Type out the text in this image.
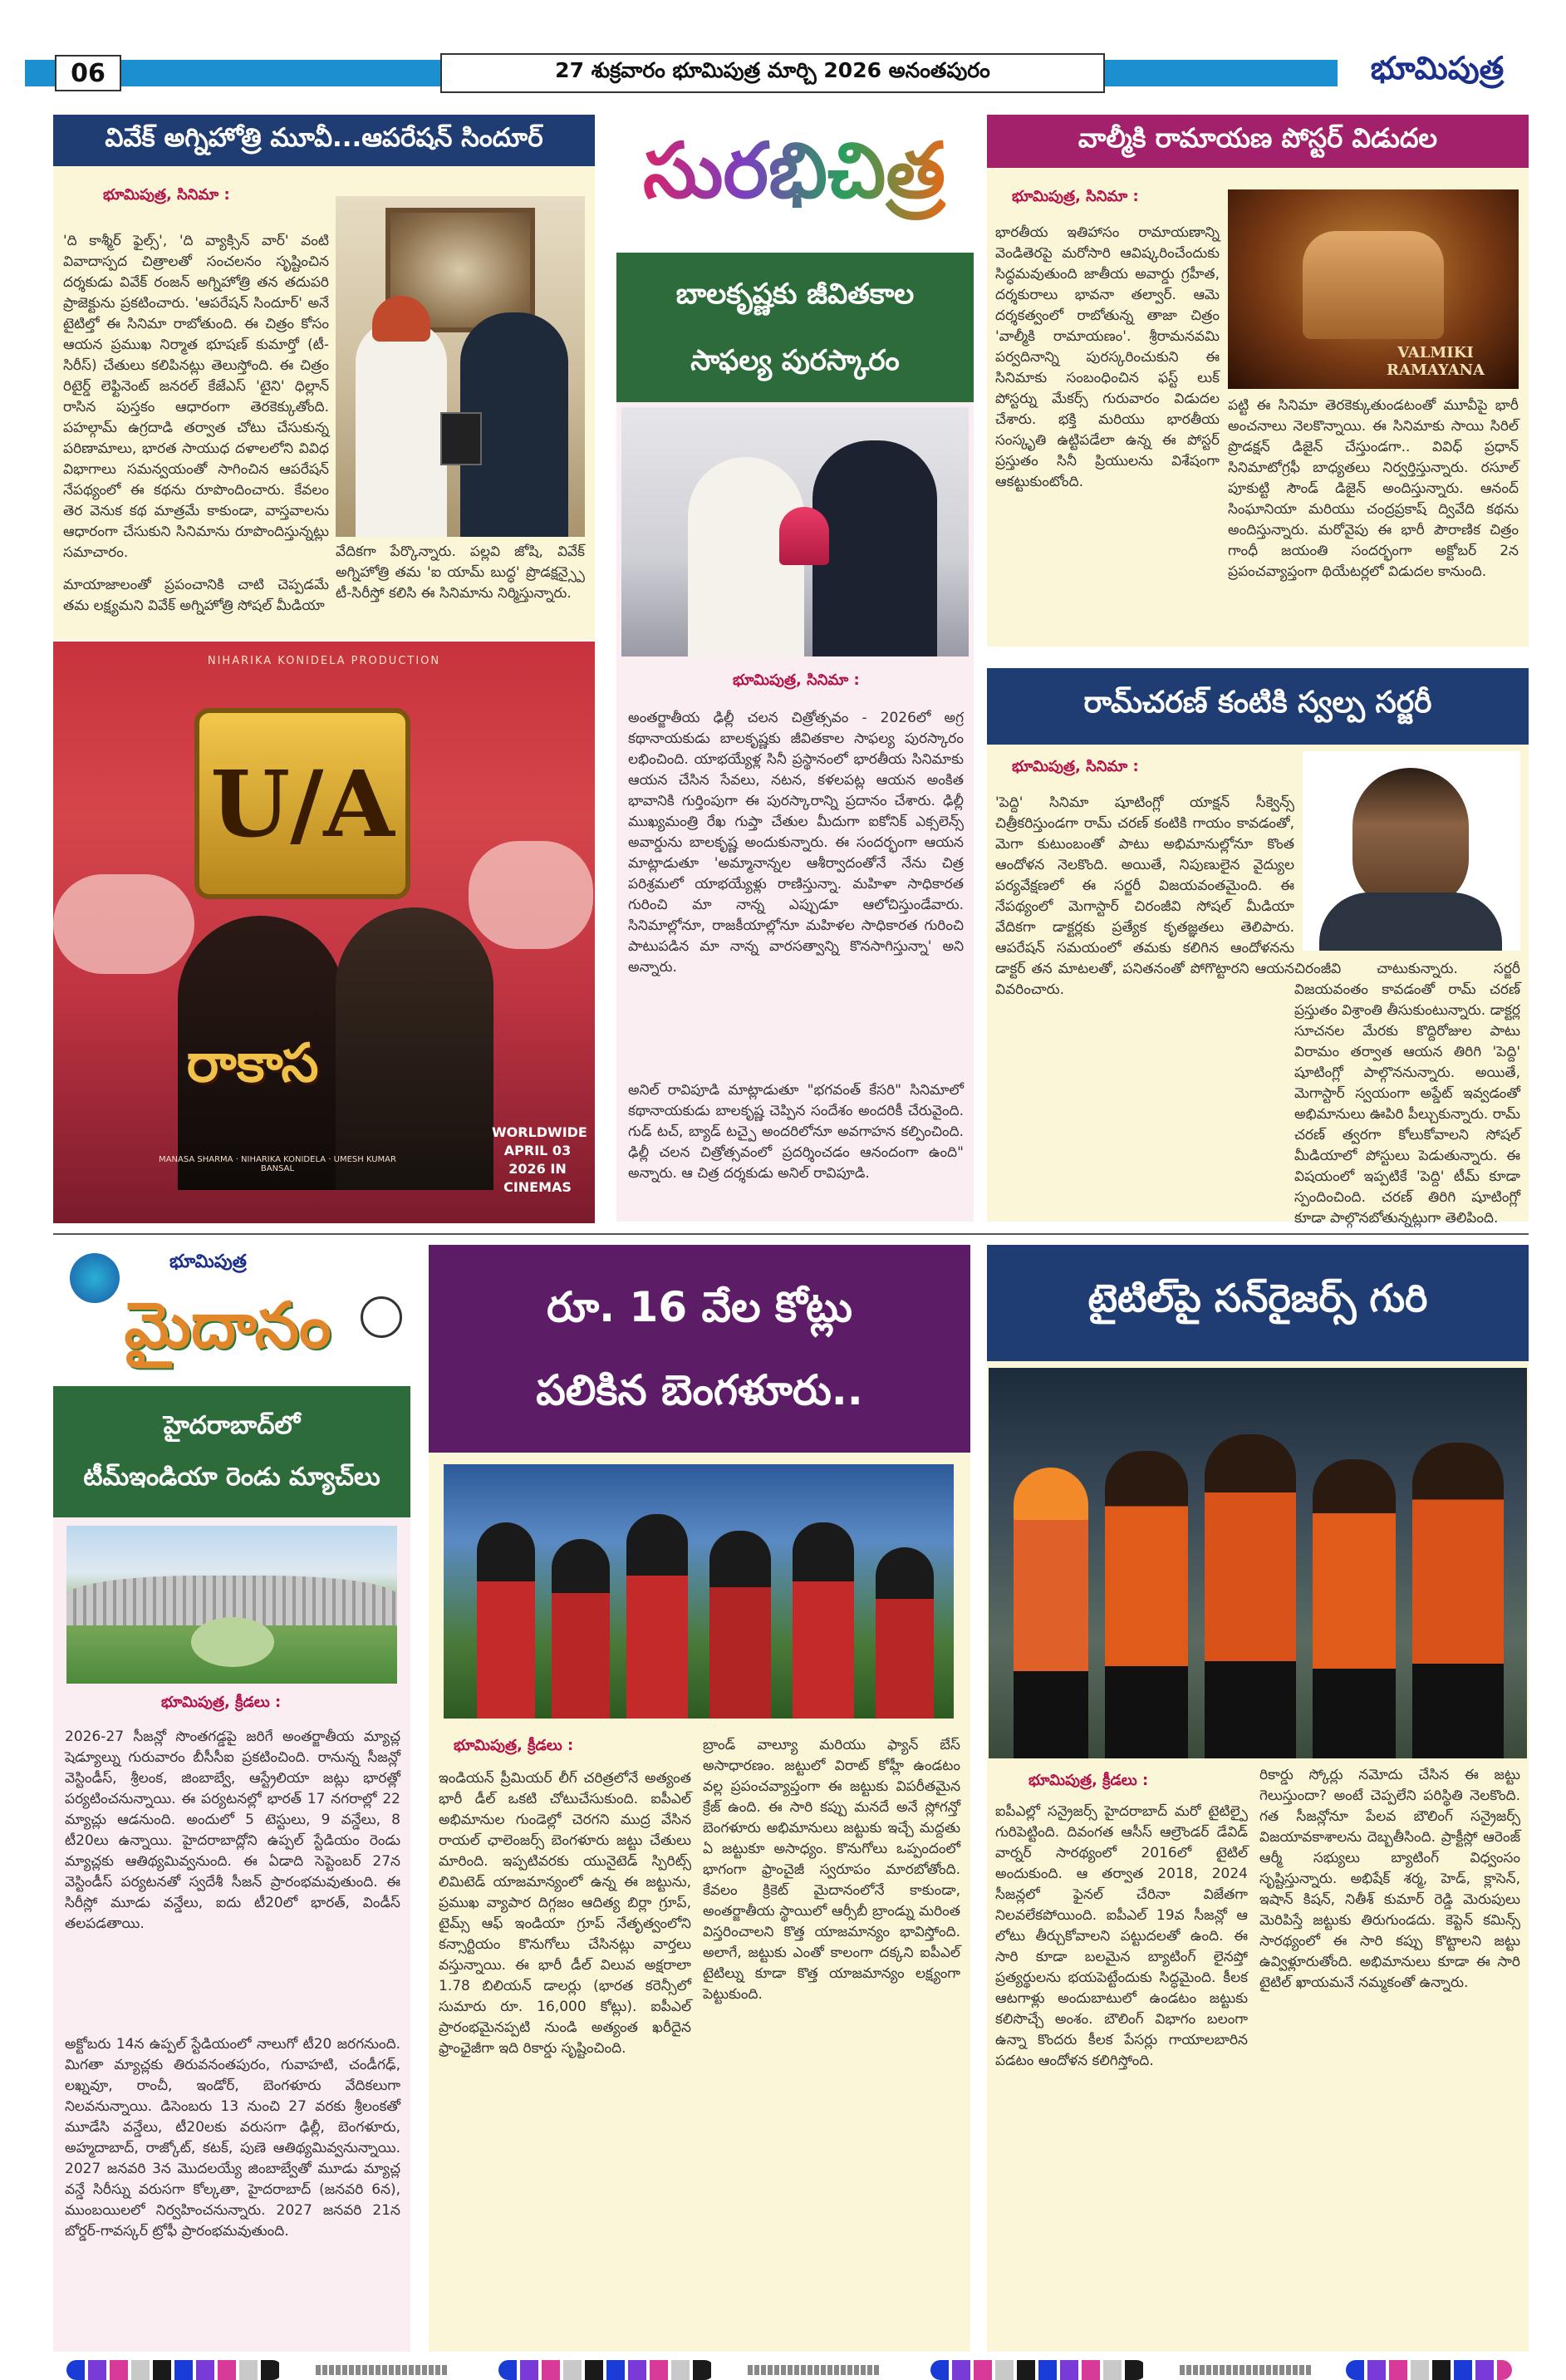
06	27 శుక్రవారం భూమిపుత్ర మార్చి 2026 అనంతపురం	భూమిపుత్ర
వివేక్ అగ్నిహోత్రి మూవీ...ఆపరేషన్ సిందూర్
భూమిపుత్ర, సినిమా :
'ది కాశ్మీర్ ఫైల్స్', 'ది వ్యాక్సిన్ వార్' వంటి వివాదాస్పద చిత్రాలతో సంచలనం సృష్టించిన దర్శకుడు వివేక్ రంజన్ అగ్నిహోత్రి తన తదుపరి ప్రాజెక్టును ప్రకటించారు. 'ఆపరేషన్ సిందూర్' అనే టైటిల్తో ఈ సినిమా రాబోతుంది. ఈ చిత్రం కోసం ఆయన ప్రముఖ నిర్మాత భూషణ్ కుమార్తో (టీ-సిరీస్) చేతులు కలిపినట్లు తెలుస్తోంది. ఈ చిత్రం రిటైర్డ్ లెఫ్టినెంట్ జనరల్ కేజేఎస్ 'టైని' ధిల్లాన్ రాసిన పుస్తకం ఆధారంగా తెరకెక్కుతోంది. పహల్గామ్ ఉగ్రదాడి తర్వాత చోటు చేసుకున్న పరిణామాలు, భారత సాయుధ దళాలలోని వివిధ విభాగాలు సమన్వయంతో సాగించిన ఆపరేషన్ నేపథ్యంలో ఈ కథను రూపొందించారు. కేవలం తెర వెనుక కథ మాత్రమే కాకుండా, వాస్తవాలను ఆధారంగా చేసుకుని సినిమాను రూపొందిస్తున్నట్లు సమాచారం.	వేదికగా పేర్కొన్నారు. పల్లవి జోషి, వివేక్ అగ్నిహోత్రి తమ 'ఐ యామ్ బుద్ధ' ప్రొడక్షన్స్పై టీ-సిరీస్తో కలిసి ఈ సినిమాను నిర్మిస్తున్నారు.
మాయాజాలంతో ప్రపంచానికి చాటి చెప్పడమే తమ లక్ష్యమని వివేక్ అగ్నిహోత్రి సోషల్ మీడియా
NIHARIKA KONIDELA PRODUCTION
U/A
రాకాస
MANASA SHARMA · NIHARIKA KONIDELA · UMESH KUMAR BANSAL
WORLDWIDE APRIL 03 2026 IN CINEMAS
సురభిచిత్ర
బాలకృష్ణకు జీవితకాల
సాఫల్య పురస్కారం
భూమిపుత్ర, సినిమా :
అంతర్జాతీయ ఢిల్లీ చలన చిత్రోత్సవం - 2026లో అగ్ర కథానాయకుడు బాలకృష్ణకు జీవితకాల సాఫల్య పురస్కారం లభించింది. యాభయ్యేళ్ల సినీ ప్రస్థానంలో భారతీయ సినిమాకు ఆయన చేసిన సేవలు, నటన, కళలపట్ల ఆయన అంకిత భావానికి గుర్తింపుగా ఈ పురస్కారాన్ని ప్రదానం చేశారు. ఢిల్లీ ముఖ్యమంత్రి రేఖ గుప్తా చేతుల మీదుగా ఐకోనిక్ ఎక్సలెన్స్ అవార్డును బాలకృష్ణ అందుకున్నారు. ఈ సందర్భంగా ఆయన మాట్లాడుతూ 'అమ్మానాన్నల ఆశీర్వాదంతోనే నేను చిత్ర పరిశ్రమలో యాభయ్యేళ్లు రాణిస్తున్నా. మహిళా సాధికారత గురించి మా నాన్న ఎప్పుడూ ఆలోచిస్తుండేవారు. సినిమాల్లోనూ, రాజకీయాల్లోనూ మహిళల సాధికారత గురించి పాటుపడిన మా నాన్న వారసత్వాన్ని కొనసాగిస్తున్నా' అని అన్నారు.
అనిల్ రావిపూడి మాట్లాడుతూ "భగవంత్ కేసరి" సినిమాలో కథానాయకుడు బాలకృష్ణ చెప్పిన సందేశం అందరికీ చేరువైంది. గుడ్ టచ్, బ్యాడ్ టచ్పై అందరిలోనూ అవగాహన కల్పించింది. ఢిల్లీ చలన చిత్రోత్సవంలో ప్రదర్శించడం ఆనందంగా ఉంది" అన్నారు. ఆ చిత్ర దర్శకుడు అనిల్ రావిపూడి.
వాల్మీకి రామాయణ పోస్టర్ విడుదల
భూమిపుత్ర, సినిమా :
భారతీయ ఇతిహాసం రామాయణాన్ని వెండితెరపై మరోసారి ఆవిష్కరించేందుకు సిద్ధమవుతుంది జాతీయ అవార్డు గ్రహీత, దర్శకురాలు భావనా తల్వార్. ఆమె దర్శకత్వంలో రాబోతున్న తాజా చిత్రం 'వాల్మీకి రామాయణం'. శ్రీరామనవమి పర్వదినాన్ని పురస్కరించుకుని ఈ సినిమాకు సంబంధించిన ఫస్ట్ లుక్ పోస్టర్ను మేకర్స్ గురువారం విడుదల చేశారు. భక్తి మరియు భారతీయ సంస్కృతి ఉట్టిపడేలా ఉన్న ఈ పోస్టర్ ప్రస్తుతం సినీ ప్రియులను విశేషంగా ఆకట్టుకుంటోంది.
VALMIKI RAMAYANA
పట్టి ఈ సినిమా తెరకెక్కుతుండటంతో మూవీపై భారీ అంచనాలు నెలకొన్నాయి. ఈ సినిమాకు సాయి సిరిల్ ప్రొడక్షన్ డిజైన్ చేస్తుండగా.. వివిధ్ ప్రధాన్ సినిమాటోగ్రఫీ బాధ్యతలు నిర్వర్తిస్తున్నారు. రసూల్ పూకుట్టి సౌండ్ డిజైన్ అందిస్తున్నారు. ఆనంద్ సింఘానియా మరియు చంద్రప్రకాష్ ద్వివేది కథను అందిస్తున్నారు. మరోవైపు ఈ భారీ పౌరాణిక చిత్రం గాంధీ జయంతి సందర్భంగా అక్టోబర్ 2న ప్రపంచవ్యాప్తంగా థియేటర్లలో విడుదల కానుంది.
రామ్‌చరణ్ కంటికి స్వల్ప సర్జరీ
భూమిపుత్ర, సినిమా :
'పెద్ది' సినిమా షూటింగ్లో యాక్షన్ సీక్వెన్స్ చిత్రీకరిస్తుండగా రామ్ చరణ్ కంటికి గాయం కావడంతో, మెగా కుటుంబంతో పాటు అభిమానుల్లోనూ కొంత ఆందోళన నెలకొంది. అయితే, నిపుణులైన వైద్యుల పర్యవేక్షణలో ఈ సర్జరీ విజయవంతమైంది. ఈ నేపథ్యంలో మెగాస్టార్ చిరంజీవి సోషల్ మీడియా వేదికగా డాక్టర్లకు ప్రత్యేక కృతజ్ఞతలు తెలిపారు. ఆపరేషన్ సమయంలో తమకు కలిగిన ఆందోళనను డాక్టర్ తన మాటలతో, పనితనంతో పోగొట్టారని ఆయన వివరించారు.
చిరంజీవి చాటుకున్నారు. సర్జరీ విజయవంతం కావడంతో రామ్ చరణ్ ప్రస్తుతం విశ్రాంతి తీసుకుంటున్నారు. డాక్టర్ల సూచనల మేరకు కొద్దిరోజుల పాటు విరామం తర్వాత ఆయన తిరిగి 'పెద్ది' షూటింగ్లో పాల్గొననున్నారు. అయితే, మెగాస్టార్ స్వయంగా అప్డేట్ ఇవ్వడంతో అభిమానులు ఊపిరి పీల్చుకున్నారు. రామ్ చరణ్ త్వరగా కోలుకోవాలని సోషల్ మీడియాలో పోస్టులు పెడుతున్నారు. ఈ విషయంలో ఇప్పటికే 'పెద్ది' టీమ్ కూడా స్పందించింది. చరణ్ తిరిగి షూటింగ్లో కూడా పాల్గొనబోతున్నట్లుగా తెలిపింది.
భూమిపుత్ర
మైదానం
హైదరాబాద్‌లో
టీమ్‌ఇండియా రెండు మ్యాచ్‌లు
భూమిపుత్ర, క్రీడలు :
2026-27 సీజన్లో సొంతగడ్డపై జరిగే అంతర్జాతీయ మ్యాచ్ల షెడ్యూల్ను గురువారం బీసీసీఐ ప్రకటించింది. రానున్న సీజన్లో వెస్టిండీస్, శ్రీలంక, జింబాబ్వే, ఆస్ట్రేలియా జట్లు భారత్లో పర్యటించనున్నాయి. ఈ పర్యటనల్లో భారత్ 17 నగరాల్లో 22 మ్యాచ్లు ఆడనుంది. అందులో 5 టెస్టులు, 9 వన్డేలు, 8 టీ20లు ఉన్నాయి. హైదరాబాద్లోని ఉప్పల్ స్టేడియం రెండు మ్యాచ్లకు ఆతిథ్యమివ్వనుంది. ఈ ఏడాది సెప్టెంబర్ 27న వెస్టిండీస్ పర్యటనతో స్వదేశీ సీజన్ ప్రారంభమవుతుంది. ఈ సిరీస్లో మూడు వన్డేలు, ఐదు టీ20లో భారత్, విండీస్ తలపడతాయి.
అక్టోబరు 14న ఉప్పల్ స్టేడియంలో నాలుగో టీ20 జరగనుంది. మిగతా మ్యాచ్లకు తిరువనంతపురం, గువాహటి, చండీగఢ్, లఖ్నవూ, రాంచీ, ఇండోర్, బెంగళూరు వేదికలుగా నిలవనున్నాయి. డిసెంబరు 13 నుంచి 27 వరకు శ్రీలంకతో మూడేసి వన్డేలు, టీ20లకు వరుసగా ఢిల్లీ, బెంగళూరు, అహ్మదాబాద్, రాజ్కోట్, కటక్, పుణె ఆతిథ్యమివ్వనున్నాయి. 2027 జనవరి 3న మొదలయ్యే జింబాబ్వేతో మూడు మ్యాచ్ల వన్డే సిరీస్ను వరుసగా కోల్కతా, హైదరాబాద్ (జనవరి 6న), ముంబయిలలో నిర్వహించనున్నారు. 2027 జనవరి 21న బోర్డర్-గావస్కర్ ట్రోఫీ ప్రారంభమవుతుంది.
రూ. 16 వేల కోట్లు
పలికిన బెంగళూరు..
భూమిపుత్ర, క్రీడలు :
ఇండియన్ ప్రీమియర్ లీగ్ చరిత్రలోనే అత్యంత భారీ డీల్ ఒకటి చోటుచేసుకుంది. ఐపీఎల్ అభిమానుల గుండెల్లో చెరగని ముద్ర వేసిన రాయల్ ఛాలెంజర్స్ బెంగళూరు జట్టు చేతులు మారింది. ఇప్పటివరకు యునైటెడ్ స్పిరిట్స్ లిమిటెడ్ యాజమాన్యంలో ఉన్న ఈ జట్టును, ప్రముఖ వ్యాపార దిగ్గజం ఆదిత్య బిర్లా గ్రూప్, టైమ్స్ ఆఫ్ ఇండియా గ్రూప్ నేతృత్వంలోని కన్సార్టియం కొనుగోలు చేసినట్లు వార్తలు వస్తున్నాయి. ఈ భారీ డీల్ విలువ అక్షరాలా 1.78 బిలియన్ డాలర్లు (భారత కరెన్సీలో సుమారు రూ. 16,000 కోట్లు). ఐపీఎల్ ప్రారంభమైనప్పటి నుండి అత్యంత ఖరీదైన ఫ్రాంఛైజీగా ఇది రికార్డు సృష్టించింది.
బ్రాండ్ వాల్యూ మరియు ఫ్యాన్ బేస్ అసాధారణం. జట్టులో విరాట్ కోహ్లీ ఉండటం వల్ల ప్రపంచవ్యాప్తంగా ఈ జట్టుకు విపరీతమైన క్రేజ్ ఉంది. ఈ సారి కప్పు మనదే అనే స్లోగన్తో బెంగళూరు అభిమానులు జట్టుకు ఇచ్చే మద్దతు ఏ జట్టుకూ అసాధ్యం. కొనుగోలు ఒప్పందంలో భాగంగా ఫ్రాంచైజీ స్వరూపం మారబోతోంది. కేవలం క్రికెట్ మైదానంలోనే కాకుండా, అంతర్జాతీయ స్థాయిలో ఆర్సీబీ బ్రాండ్ను మరింత విస్తరించాలని కొత్త యాజమాన్యం భావిస్తోంది. అలాగే, జట్టుకు ఎంతో కాలంగా దక్కని ఐపీఎల్ టైటిల్ను కూడా కొత్త యాజమాన్యం లక్ష్యంగా పెట్టుకుంది.
టైటిల్‌పై సన్‌రైజర్స్ గురి
భూమిపుత్ర, క్రీడలు :
ఐపీఎల్లో సన్రైజర్స్ హైదరాబాద్ మరో టైటిల్పై గురిపెట్టింది. దివంగత ఆసీస్ ఆల్రౌండర్ డేవిడ్ వార్నర్ సారథ్యంలో 2016లో టైటిల్ అందుకుంది. ఆ తర్వాత 2018, 2024 సీజన్లలో ఫైనల్ చేరినా విజేతగా నిలవలేకపోయింది. ఐపీఎల్ 19వ సీజన్లో ఆ లోటు తీర్చుకోవాలని పట్టుదలతో ఉంది. ఈ సారి కూడా బలమైన బ్యాటింగ్ లైనప్తో ప్రత్యర్థులను భయపెట్టేందుకు సిద్ధమైంది. కీలక ఆటగాళ్లు అందుబాటులో ఉండటం జట్టుకు కలిసొచ్చే అంశం. బౌలింగ్ విభాగం బలంగా ఉన్నా కొందరు కీలక పేసర్లు గాయాలబారిన పడటం ఆందోళన కలిగిస్తోంది.
రికార్డు స్కోర్లు నమోదు చేసిన ఈ జట్టు గెలుస్తుందా? అంటే చెప్పలేని పరిస్థితి నెలకొంది. గత సీజన్లోనూ పేలవ బౌలింగ్ సన్రైజర్స్ విజయావకాశాలను దెబ్బతీసింది. ప్రాక్టీస్లో ఆరెంజ్ ఆర్మీ సభ్యులు బ్యాటింగ్ విధ్వంసం సృష్టిస్తున్నారు. అభిషేక్ శర్మ, హెడ్, క్లాసెన్, ఇషాన్ కిషన్, నితీశ్ కుమార్ రెడ్డి మెరుపులు మెరిపిస్తే జట్టుకు తిరుగుండదు. కెప్టెన్ కమిన్స్ సారథ్యంలో ఈ సారి కప్పు కొట్టాలని జట్టు ఉవ్విళ్లూరుతోంది. అభిమానులు కూడా ఈ సారి టైటిల్ ఖాయమనే నమ్మకంతో ఉన్నారు.
